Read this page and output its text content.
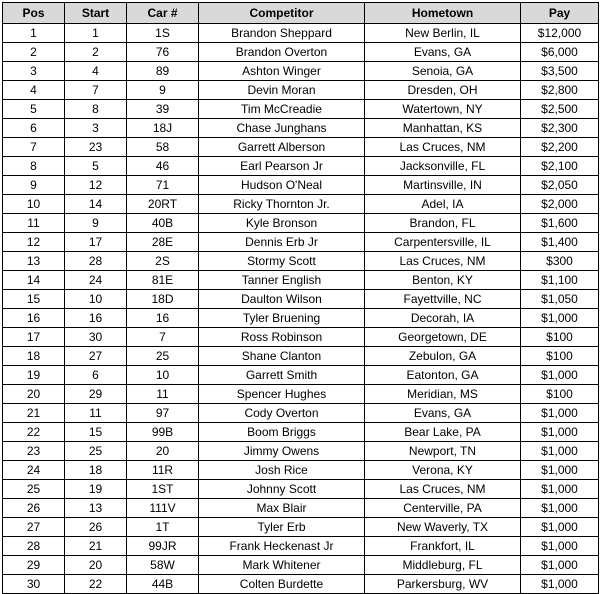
Pos	Start	Car #	Competitor	Hometown	Pay
1	1	1S	Brandon Sheppard	New Berlin, IL	$12,000
2	2	76	Brandon Overton	Evans, GA	$6,000
3	4	89	Ashton Winger	Senoia, GA	$3,500
4	7	9	Devin Moran	Dresden, OH	$2,800
5	8	39	Tim McCreadie	Watertown, NY	$2,500
6	3	18J	Chase Junghans	Manhattan, KS	$2,300
7	23	58	Garrett Alberson	Las Cruces, NM	$2,200
8	5	46	Earl Pearson Jr	Jacksonville, FL	$2,100
9	12	71	Hudson O'Neal	Martinsville, IN	$2,050
10	14	20RT	Ricky Thornton Jr.	Adel, IA	$2,000
11	9	40B	Kyle Bronson	Brandon, FL	$1,600
12	17	28E	Dennis Erb Jr	Carpentersville, IL	$1,400
13	28	2S	Stormy Scott	Las Cruces, NM	$300
14	24	81E	Tanner English	Benton, KY	$1,100
15	10	18D	Daulton Wilson	Fayettville, NC	$1,050
16	16	16	Tyler Bruening	Decorah, IA	$1,000
17	30	7	Ross Robinson	Georgetown, DE	$100
18	27	25	Shane Clanton	Zebulon, GA	$100
19	6	10	Garrett Smith	Eatonton, GA	$1,000
20	29	11	Spencer Hughes	Meridian, MS	$100
21	11	97	Cody Overton	Evans, GA	$1,000
22	15	99B	Boom Briggs	Bear Lake, PA	$1,000
23	25	20	Jimmy Owens	Newport, TN	$1,000
24	18	11R	Josh Rice	Verona, KY	$1,000
25	19	1ST	Johnny Scott	Las Cruces, NM	$1,000
26	13	111V	Max Blair	Centerville, PA	$1,000
27	26	1T	Tyler Erb	New Waverly, TX	$1,000
28	21	99JR	Frank Heckenast Jr	Frankfort, IL	$1,000
29	20	58W	Mark Whitener	Middleburg, FL	$1,000
30	22	44B	Colten Burdette	Parkersburg, WV	$1,000
